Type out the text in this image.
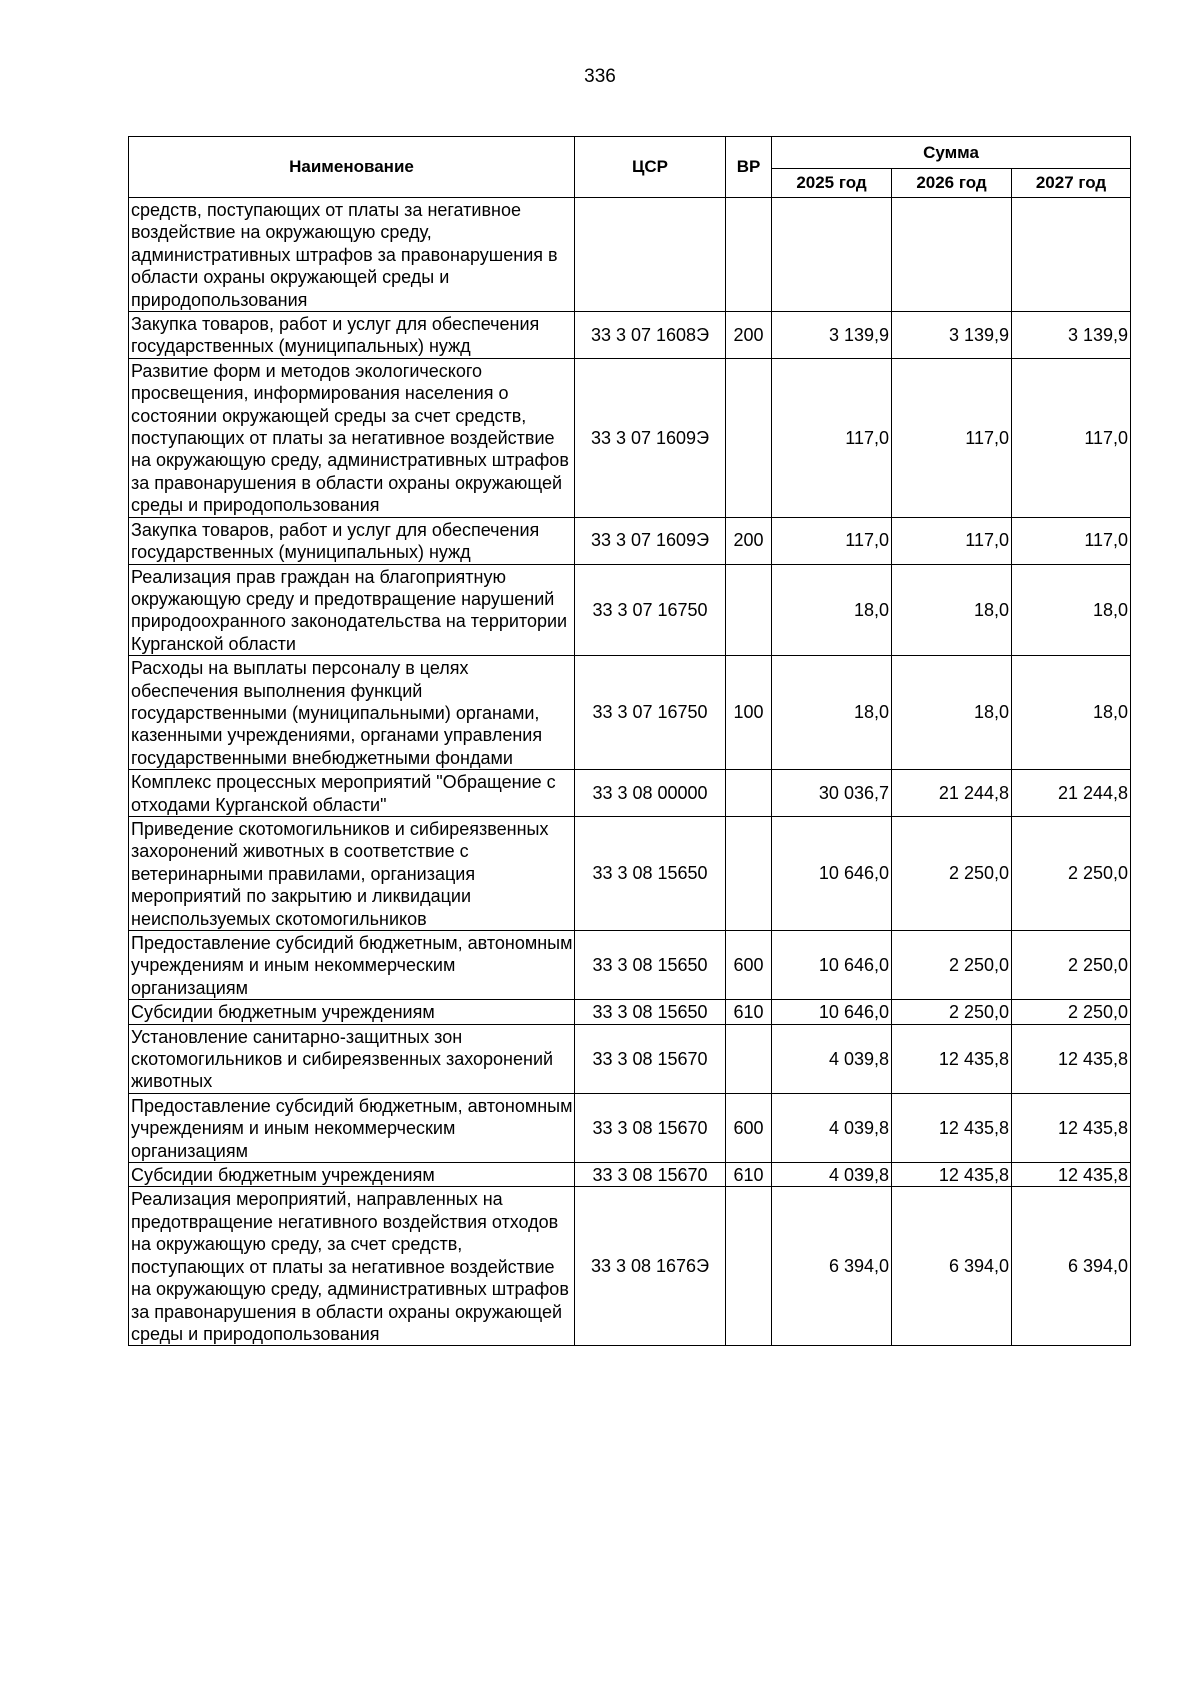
336
Наименование	ЦСР	ВР	Сумма		
			2025 год	2026 год	2027 год
средств, поступающих от платы за негативное воздействие на окружающую среду, административных штрафов за правонарушения в области охраны окружающей среды и природопользования					
Закупка товаров, работ и услуг для обеспечения государственных (муниципальных) нужд	33 3 07 1608Э	200	3 139,9	3 139,9	3 139,9
Развитие форм и методов экологического просвещения, информирования населения о состоянии окружающей среды за счет средств, поступающих от платы за негативное воздействие на окружающую среду, административных штрафов за правонарушения в области охраны окружающей среды и природопользования	33 3 07 1609Э		117,0	117,0	117,0
Закупка товаров, работ и услуг для обеспечения государственных (муниципальных) нужд	33 3 07 1609Э	200	117,0	117,0	117,0
Реализация прав граждан на благоприятную окружающую среду и предотвращение нарушений природоохранного законодательства на территории Курганской области	33 3 07 16750		18,0	18,0	18,0
Расходы на выплаты персоналу в целях обеспечения выполнения функций государственными (муниципальными) органами, казенными учреждениями, органами управления государственными внебюджетными фондами	33 3 07 16750	100	18,0	18,0	18,0
Комплекс процессных мероприятий "Обращение с отходами Курганской области"	33 3 08 00000		30 036,7	21 244,8	21 244,8
Приведение скотомогильников и сибиреязвенных захоронений животных в соответствие с ветеринарными правилами, организация мероприятий по закрытию и ликвидации неиспользуемых скотомогильников	33 3 08 15650		10 646,0	2 250,0	2 250,0
Предоставление субсидий бюджетным, автономным учреждениям и иным некоммерческим организациям	33 3 08 15650	600	10 646,0	2 250,0	2 250,0
Субсидии бюджетным учреждениям	33 3 08 15650	610	10 646,0	2 250,0	2 250,0
Установление санитарно-защитных зон скотомогильников и сибиреязвенных захоронений животных	33 3 08 15670		4 039,8	12 435,8	12 435,8
Предоставление субсидий бюджетным, автономным учреждениям и иным некоммерческим организациям	33 3 08 15670	600	4 039,8	12 435,8	12 435,8
Субсидии бюджетным учреждениям	33 3 08 15670	610	4 039,8	12 435,8	12 435,8
Реализация мероприятий, направленных на предотвращение негативного воздействия отходов на окружающую среду, за счет средств, поступающих от платы за негативное воздействие на окружающую среду, административных штрафов за правонарушения в области охраны окружающей среды и природопользования	33 3 08 1676Э		6 394,0	6 394,0	6 394,0
